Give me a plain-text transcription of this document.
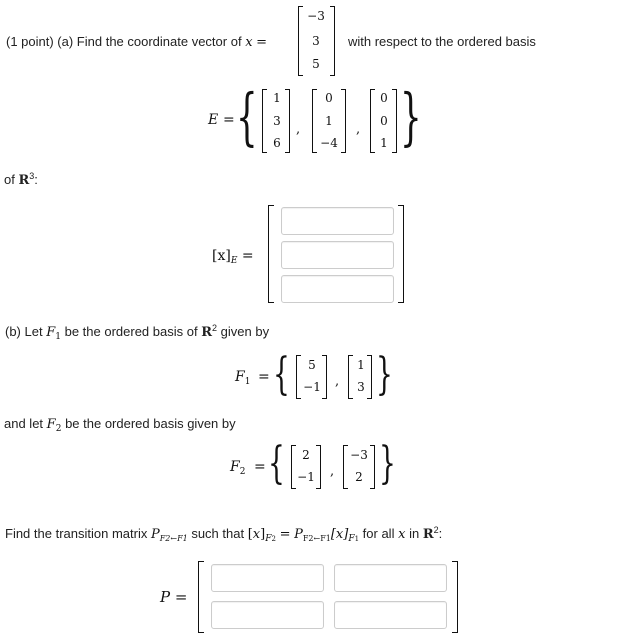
(1 point) (a) Find the coordinate vector of x =
−3
3
5
with respect to the ordered basis
E = {	1
3
6
,
0
1
−4
,
0
0
1 }
of $R^3$:
$[x]_E$ =
(b) Let $F_1$ be the ordered basis of $R^2$ given by
$F_1$ = {	5
−1 ,
1
3 }
and let $F_2$ be the ordered basis given by
$F_2$ = {	2
−1 ,
−3
2 }
Find the transition matrix $P_{F2\leftarrow F1}$ such that $[x]_{F2} = P_{F2\leftarrow F1}[x]_{F1}$ for all x in $R^2$:
P =
